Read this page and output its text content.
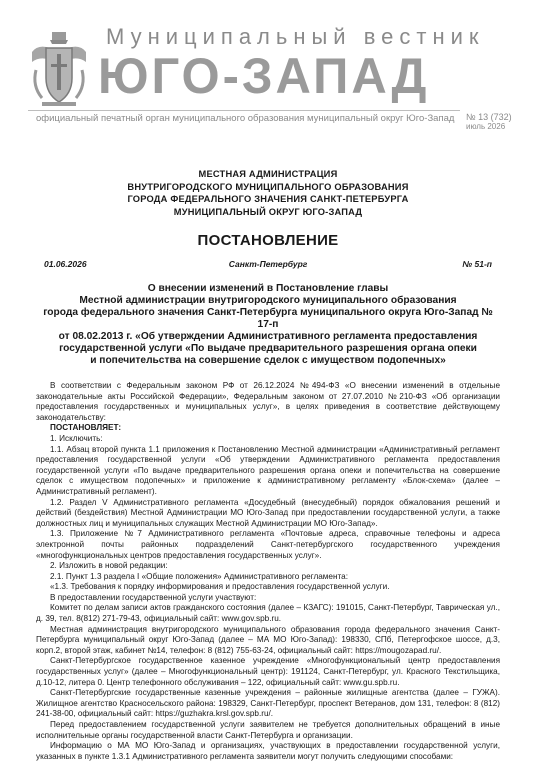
Муниципальный вестник
ЮГО-ЗАПАД
официальный печатный орган муниципального образования муниципальный округ Юго-Запад № 13 (732)
июль 2026
МЕСТНАЯ АДМИНИСТРАЦИЯ
ВНУТРИГОРОДСКОГО МУНИЦИПАЛЬНОГО ОБРАЗОВАНИЯ
ГОРОДА ФЕДЕРАЛЬНОГО ЗНАЧЕНИЯ САНКТ-ПЕТЕРБУРГА
МУНИЦИПАЛЬНЫЙ ОКРУГ ЮГО-ЗАПАД
ПОСТАНОВЛЕНИЕ
01.06.2026	Санкт-Петербург	№ 51-п
О внесении изменений в Постановление главы
Местной администрации внутригородского муниципального образования
города федерального значения Санкт-Петербурга муниципального округа Юго-Запад № 17-п
от 08.02.2013 г. «Об утверждении Административного регламента предоставления
государственной услуги «По выдаче предварительного разрешения органа опеки
и попечительства на совершение сделок с имуществом подопечных»

В соответствии с Федеральным законом РФ от 26.12.2024 №494-ФЗ «О внесении изменений в отдельные законодательные акты Российской Федерации», Федеральным законом от 27.07.2010 №210-ФЗ «Об организации предоставления государственных и муниципальных услуг», в целях приведения в соответствие действующему законодательству:

ПОСТАНОВЛЯЕТ:

1. Исключить:

1.1. Абзац второй пункта 1.1 приложения к Постановлению Местной администрации «Административный регламент предоставления государственной услуги «Об утверждении Административного регламента предоставления государственной услуги «По выдаче предварительного разрешения органа опеки и попечительства на совершение сделок с имуществом подопечных» и приложение к административному регламенту «Блок-схема» (далее – Административный регламент).

1.2. Раздел V Административного регламента «Досудебный (внесудебный) порядок обжалования решений и действий (бездействия) Местной Администрации МО Юго-Запад при предоставлении государственной услуги, а также должностных лиц и муниципальных служащих Местной Администрации МО Юго-Запад».

1.3. Приложение №7 Административного регламента «Почтовые адреса, справочные телефоны и адреса электронной почты районных подразделений Санкт-петербургского государственного учреждения «многофункциональных центров предоставления государственных услуг».

2. Изложить в новой редакции:

2.1. Пункт 1.3 раздела I «Общие положения» Административного регламента:

«1.3. Требования к порядку информирования и предоставления государственной услуги.

В предоставлении государственной услуги участвуют:

Комитет по делам записи актов гражданского состояния (далее – КЗАГС): 191015, Санкт-Петербург, Таврическая ул., д. 39, тел. 8(812) 271-79-43, официальный сайт: www.gov.spb.ru.

Местная администрация внутригородского муниципального образования города федерального значения Санкт-Петербурга муниципальный округ Юго-Запад (далее – МА МО Юго-Запад): 198330, СПб, Петергофское шоссе, д.3, корп.2, второй этаж, кабинет №14, телефон: 8 (812) 755-63-24, официальный сайт: https://mougozapad.ru/.

Санкт-Петербургское государственное казенное учреждение «Многофункциональный центр предоставления государственных услуг» (далее – Многофункциональный центр): 191124, Санкт-Петербург, ул. Красного Текстильщика, д.10-12, литера 0. Центр телефонного обслуживания – 122, официальный сайт: www.gu.spb.ru.

Санкт-Петербургские государственные казенные учреждения – районные жилищные агентства (далее – ГУЖА). Жилищное агентство Красносельского района: 198329, Санкт-Петербург, проспект Ветеранов, дом 131, телефон: 8 (812) 241-38-00, официальный сайт: https://guzhakra.krsl.gov.spb.ru/.

Перед предоставлением государственной услуги заявителем не требуется дополнительных обращений в иные исполнительные органы государственной власти Санкт-Петербурга и организации.

Информацию о МА МО Юго-Запад и организациях, участвующих в предоставлении государственной услуги, указанных в пункте 1.3.1 Административного регламента заявители могут получить следующими способами:
